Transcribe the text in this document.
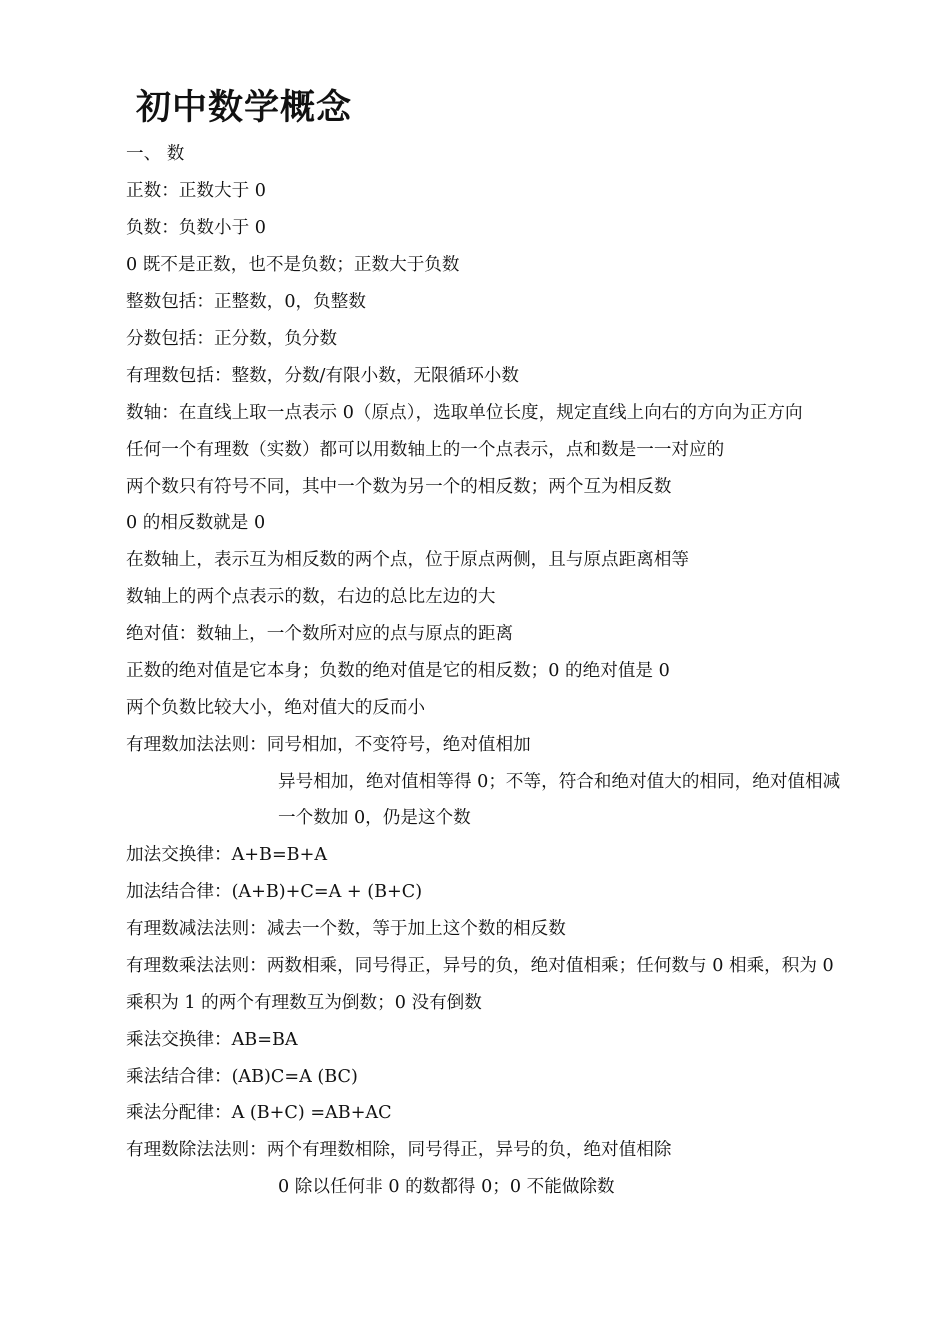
初中数学概念
一、 数
正数：正数大于 0
负数：负数小于 0
0 既不是正数，也不是负数；正数大于负数
整数包括：正整数，0，负整数
分数包括：正分数，负分数
有理数包括：整数，分数/有限小数，无限循环小数
数轴：在直线上取一点表示 0（原点），选取单位长度，规定直线上向右的方向为正方向
任何一个有理数（实数）都可以用数轴上的一个点表示，点和数是一一对应的
两个数只有符号不同，其中一个数为另一个的相反数；两个互为相反数
0 的相反数就是 0
在数轴上，表示互为相反数的两个点，位于原点两侧，且与原点距离相等
数轴上的两个点表示的数，右边的总比左边的大
绝对值：数轴上，一个数所对应的点与原点的距离
正数的绝对值是它本身；负数的绝对值是它的相反数；0 的绝对值是 0
两个负数比较大小，绝对值大的反而小
有理数加法法则：同号相加，不变符号，绝对值相加
异号相加，绝对值相等得 0；不等，符合和绝对值大的相同，绝对值相减
一个数加 0，仍是这个数
加法交换律：A+B=B+A
加法结合律：(A+B)+C=A + (B+C)
有理数减法法则：减去一个数，等于加上这个数的相反数
有理数乘法法则：两数相乘，同号得正，异号的负，绝对值相乘；任何数与 0 相乘，积为 0
乘积为 1 的两个有理数互为倒数；0 没有倒数
乘法交换律：AB=BA
乘法结合律：(AB)C=A (BC)
乘法分配律：A (B+C) =AB+AC
有理数除法法则：两个有理数相除，同号得正，异号的负，绝对值相除
0 除以任何非 0 的数都得 0；0 不能做除数
